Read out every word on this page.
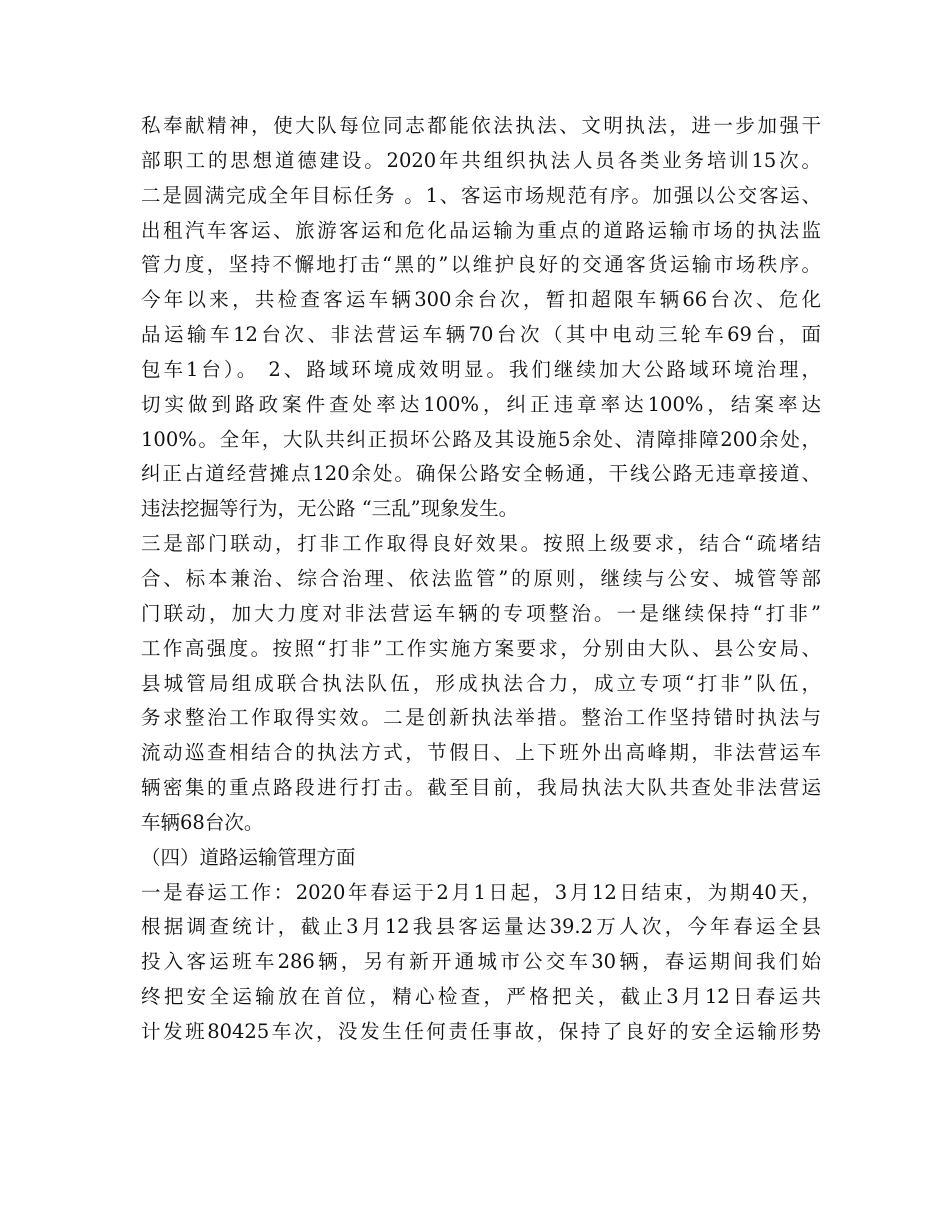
私奉献精神，使大队每位同志都能依法执法、文明执法，进一步加强干
部职工的思想道德建设。2020年共组织执法人员各类业务培训15次。
二是圆满完成全年目标任务 。1、客运市场规范有序。加强以公交客运、
出租汽车客运、旅游客运和危化品运输为重点的道路运输市场的执法监
管力度，坚持不懈地打击“黑的”以维护良好的交通客货运输市场秩序。
今年以来，共检查客运车辆300余台次，暂扣超限车辆66台次、危化
品运输车12台次、非法营运车辆70台次（其中电动三轮车69台，面
包车1台）。 2、路域环境成效明显。我们继续加大公路域环境治理，
切实做到路政案件查处率达100%，纠正违章率达100%，结案率达
100%。全年，大队共纠正损坏公路及其设施5余处、清障排障200余处，
纠正占道经营摊点120余处。确保公路安全畅通，干线公路无违章接道、
违法挖掘等行为，无公路 “三乱”现象发生。
三是部门联动，打非工作取得良好效果。按照上级要求，结合“疏堵结
合、标本兼治、综合治理、依法监管”的原则，继续与公安、城管等部
门联动，加大力度对非法营运车辆的专项整治。一是继续保持“打非”
工作高强度。按照“打非”工作实施方案要求，分别由大队、县公安局、
县城管局组成联合执法队伍，形成执法合力，成立专项“打非”队伍，
务求整治工作取得实效。二是创新执法举措。整治工作坚持错时执法与
流动巡查相结合的执法方式，节假日、上下班外出高峰期，非法营运车
辆密集的重点路段进行打击。截至目前，我局执法大队共查处非法营运
车辆68台次。
（四）道路运输管理方面
一是春运工作：2020年春运于2月1日起，3月12日结束，为期40天，
根据调查统计，截止3月12我县客运量达39.2万人次，今年春运全县
投入客运班车286辆，另有新开通城市公交车30辆，春运期间我们始
终把安全运输放在首位，精心检查，严格把关，截止3月12日春运共
计发班80425车次，没发生任何责任事故，保持了良好的安全运输形势
